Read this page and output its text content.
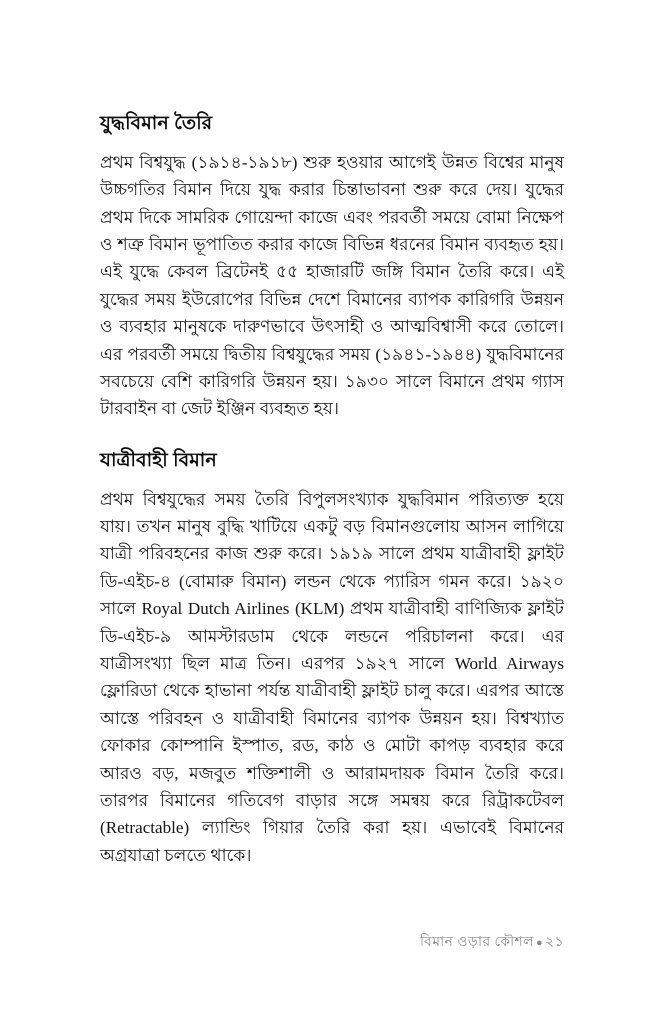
যুদ্ধবিমান তৈরি

প্রথম বিশ্বযুদ্ধ (১৯১৪-১৯১৮) শুরু হওয়ার আগেই উন্নত বিশ্বের মানুষ উচ্চগতির বিমান দিয়ে যুদ্ধ করার চিন্তাভাবনা শুরু করে দেয়। যুদ্ধের প্রথম দিকে সামরিক গোয়েন্দা কাজে এবং পরবর্তী সময়ে বোমা নিক্ষেপ ও শত্রু বিমান ভূপাতিত করার কাজে বিভিন্ন ধরনের বিমান ব্যবহৃত হয়। এই যুদ্ধে কেবল ব্রিটেনই ৫৫ হাজারটি জঙ্গি বিমান তৈরি করে। এই যুদ্ধের সময় ইউরোপের বিভিন্ন দেশে বিমানের ব্যাপক কারিগরি উন্নয়ন ও ব্যবহার মানুষকে দারুণভাবে উৎসাহী ও আত্মবিশ্বাসী করে তোলে। এর পরবর্তী সময়ে দ্বিতীয় বিশ্বযুদ্ধের সময় (১৯৪১-১৯৪৪) যুদ্ধবিমানের সবচেয়ে বেশি কারিগরি উন্নয়ন হয়। ১৯৩০ সালে বিমানে প্রথম গ্যাস টারবাইন বা জেট ইঞ্জিন ব্যবহৃত হয়।

যাত্রীবাহী বিমান

প্রথম বিশ্বযুদ্ধের সময় তৈরি বিপুলসংখ্যাক যুদ্ধবিমান পরিত্যক্ত হয়ে যায়। তখন মানুষ বুদ্ধি খাটিয়ে একটু বড় বিমানগুলোয় আসন লাগিয়ে যাত্রী পরিবহনের কাজ শুরু করে। ১৯১৯ সালে প্রথম যাত্রীবাহী ফ্লাইট ডি-এইচ-৪ (বোমারু বিমান) লন্ডন থেকে প্যারিস গমন করে। ১৯২০ সালে Royal Dutch Airlines (KLM) প্রথম যাত্রীবাহী বাণিজ্যিক ফ্লাইট ডি-এইচ-৯ আমস্টারডাম থেকে লন্ডনে পরিচালনা করে। এর যাত্রীসংখ্যা ছিল মাত্র তিন। এরপর ১৯২৭ সালে World Airways ফ্লোরিডা থেকে হাভানা পর্যন্ত যাত্রীবাহী ফ্লাইট চালু করে। এরপর আস্তে আস্তে পরিবহন ও যাত্রীবাহী বিমানের ব্যাপক উন্নয়ন হয়। বিশ্বখ্যাত ফোকার কোম্পানি ইস্পাত, রড, কাঠ ও মোটা কাপড় ব্যবহার করে আরও বড়, মজবুত শক্তিশালী ও আরামদায়ক বিমান তৈরি করে। তারপর বিমানের গতিবেগ বাড়ার সঙ্গে সমন্বয় করে রিট্রাকটেবল (Retractable) ল্যান্ডিং গিয়ার তৈরি করা হয়। এভাবেই বিমানের অগ্রযাত্রা চলতে থাকে।

বিমান ওড়ার কৌশল ● ২১
